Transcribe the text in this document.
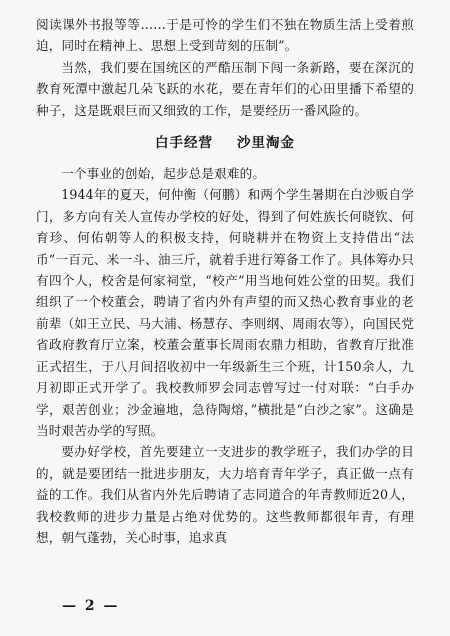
阅读课外书报等等……于是可怜的学生们不独在物质生活上受着煎迫，同时在精神上、思想上受到苛刻的压制”。

当然，我们要在国统区的严酷压制下闯一条新路，要在深沉的教育死潭中激起几朵飞跃的水花，要在青年们的心田里播下希望的种子，这是既艰巨而又细致的工作，是要经历一番风险的。

白手经营 沙里淘金

一个事业的创始，起步总是艰难的。

1944年的夏天，何仲衡（何鹏）和两个学生暑期在白沙贩自学门，多方向有关人宣传办学校的好处，得到了何姓族长何晓钦、何育珍、何佑朝等人的积极支持，何晓耕并在物资上支持借出“法币”一百元、米一斗、油三斤，就着手进行筹备工作了。具体筹办只有四个人，校舍是何家祠堂，“校产”用当地何姓公堂的田契。我们组织了一个校董会，聘请了省内外有声望的而又热心教育事业的老前辈（如王立民、马大浦、杨慧存、李则纲、周雨农等），向国民党省政府教育厅立案，校董会董事长周雨农鼎力相助，省教育厅批准正式招生，于八月间招收初中一年级新生三个班，计150余人，九月初即正式开学了。我校教师罗会同志曾写过一付对联：“白手办学，艰苦创业；沙金遍地，急待陶熔，”横批是“白沙之家”。这确是当时艰苦办学的写照。

要办好学校，首先要建立一支进步的教学班子，我们办学的目的，就是要团结一批进步朋友，大力培育青年学子，真正做一点有益的工作。我们从省内外先后聘请了志同道合的年青教师近20人，我校教师的进步力量是占绝对优势的。这些教师都很年青，有理想，朝气蓬勃，关心时事，追求真

— 2 —
